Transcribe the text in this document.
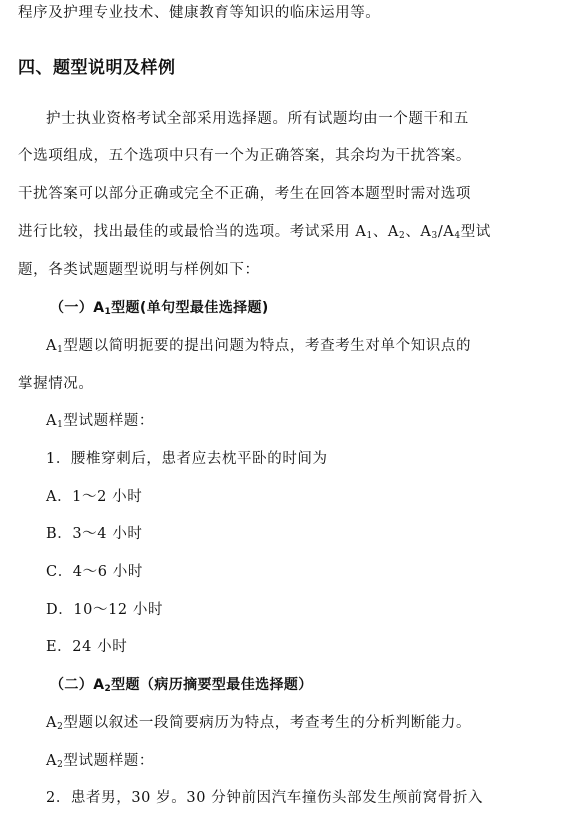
程序及护理专业技术、健康教育等知识的临床运用等。
四、题型说明及样例
护士执业资格考试全部采用选择题。所有试题均由一个题干和五
个选项组成，五个选项中只有一个为正确答案，其余均为干扰答案。
干扰答案可以部分正确或完全不正确，考生在回答本题型时需对选项
进行比较，找出最佳的或最恰当的选项。考试采用 A1、A2、A3/A4型试
题，各类试题题型说明与样例如下：
（一）A1型题(单句型最佳选择题)
A1型题以简明扼要的提出问题为特点，考查考生对单个知识点的
掌握情况。
A1型试题样题：
1．腰椎穿刺后，患者应去枕平卧的时间为
A．1～2 小时
B．3～4 小时
C．4～6 小时
D．10～12 小时
E．24 小时
（二）A2型题（病历摘要型最佳选择题）
A2型题以叙述一段简要病历为特点，考查考生的分析判断能力。
A2型试题样题：
2．患者男，30 岁。30 分钟前因汽车撞伤头部发生颅前窝骨折入
